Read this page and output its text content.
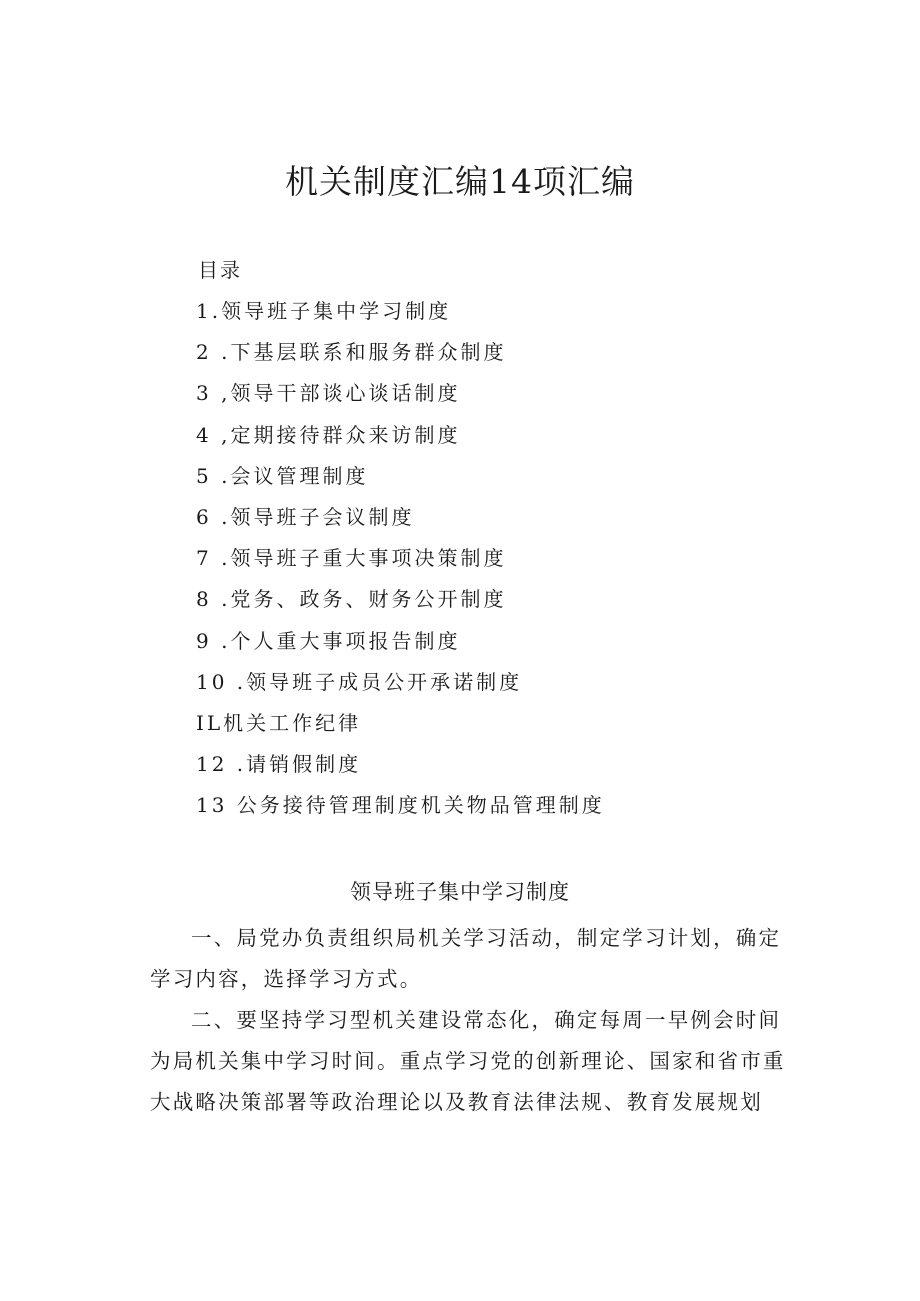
机关制度汇编14项汇编
目录
1.领导班子集中学习制度
2 .下基层联系和服务群众制度
3 ,领导干部谈心谈话制度
4 ,定期接待群众来访制度
5 .会议管理制度
6 .领导班子会议制度
7 .领导班子重大事项决策制度
8 .党务、政务、财务公开制度
9 .个人重大事项报告制度
10 .领导班子成员公开承诺制度
IL机关工作纪律
12 .请销假制度
13 公务接待管理制度机关物品管理制度
领导班子集中学习制度

一、局党办负责组织局机关学习活动，制定学习计划，确定学习内容，选择学习方式。

二、要坚持学习型机关建设常态化，确定每周一早例会时间为局机关集中学习时间。重点学习党的创新理论、国家和省市重大战略决策部署等政治理论以及教育法律法规、教育发展规划
